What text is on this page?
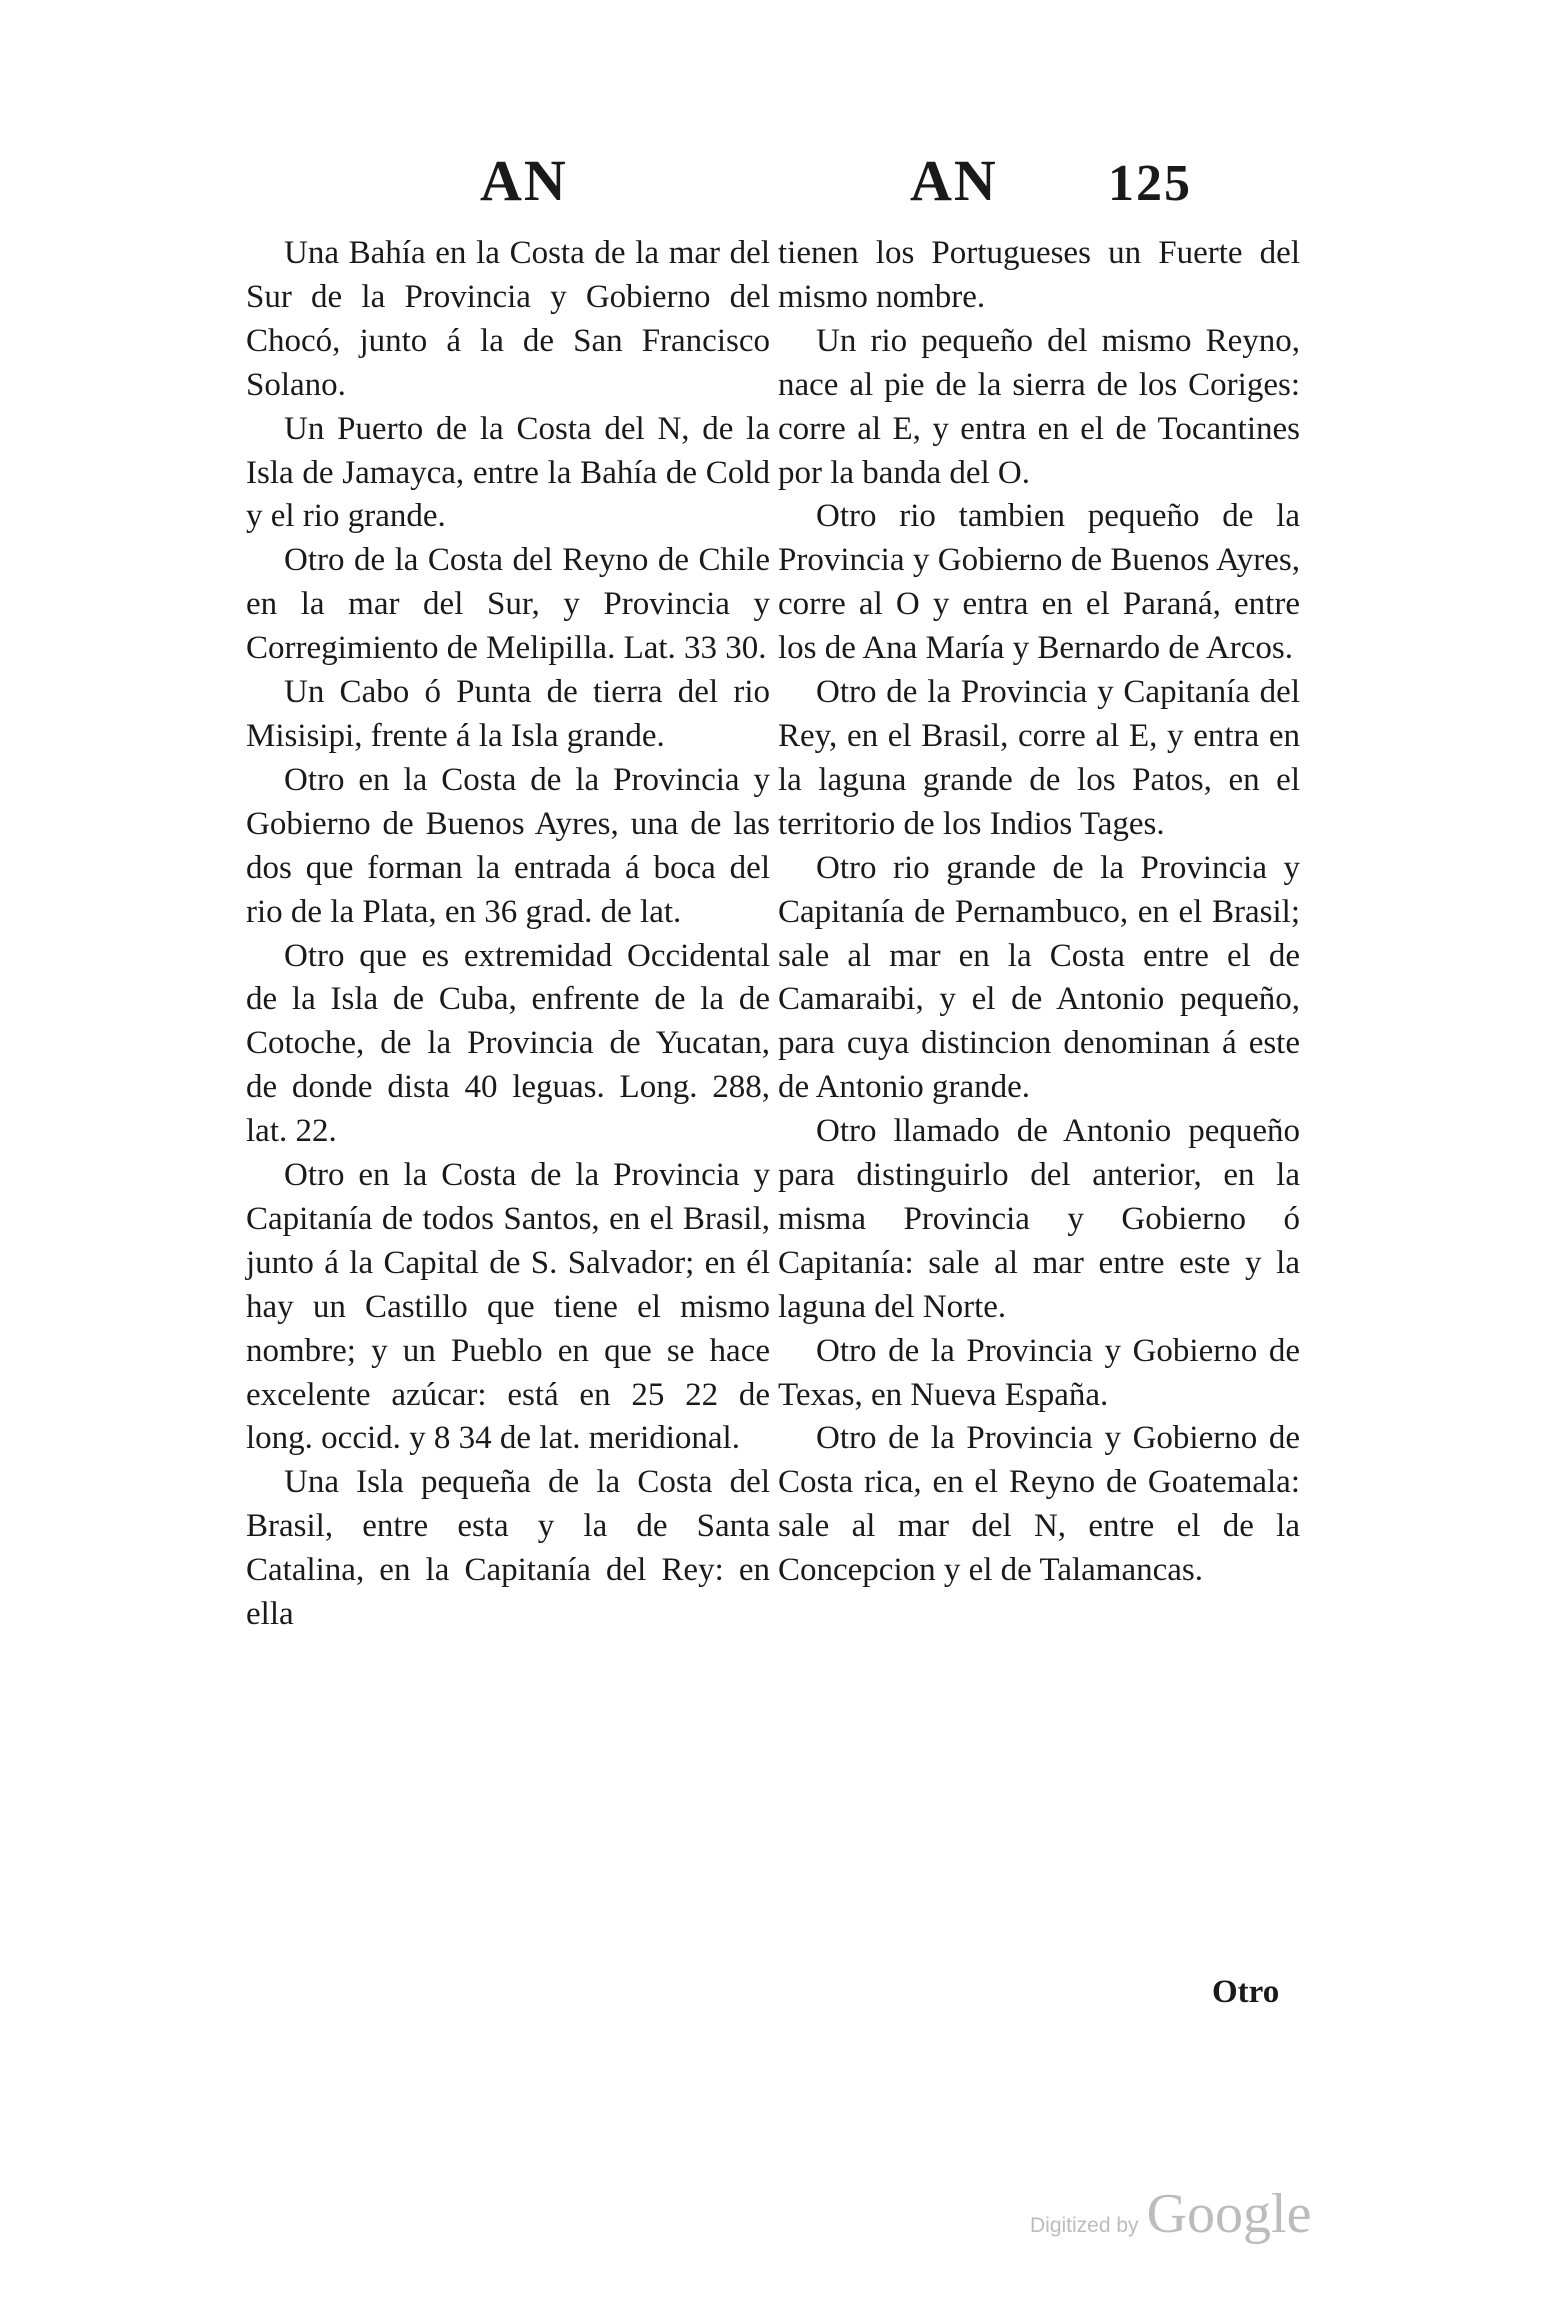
AN	AN 125

Una Bahía en la Costa de la mar del Sur de la Provincia y Gobierno del Chocó, junto á la de San Francisco Solano.

Un Puerto de la Costa del N, de la Isla de Jamayca, entre la Bahía de Cold y el rio grande.

Otro de la Costa del Reyno de Chile en la mar del Sur, y Provincia y Corregimiento de Melipilla. Lat. 33 30.

Un Cabo ó Punta de tierra del rio Misisipi, frente á la Isla grande.

Otro en la Costa de la Provincia y Gobierno de Buenos Ayres, una de las dos que forman la entrada á boca del rio de la Plata, en 36 grad. de lat.

Otro que es extremidad Occidental de la Isla de Cuba, enfrente de la de Cotoche, de la Provincia de Yucatan, de donde dista 40 leguas. Long. 288, lat. 22.

Otro en la Costa de la Provincia y Capitanía de todos Santos, en el Brasil, junto á la Capital de S. Salvador; en él hay un Castillo que tiene el mismo nombre; y un Pueblo en que se hace excelente azúcar: está en 25 22 de long. occid. y 8 34 de lat. meridional.

Una Isla pequeña de la Costa del Brasil, entre esta y la de Santa Catalina, en la Capitanía del Rey: en ella

tienen los Portugueses un Fuerte del mismo nombre.

Un rio pequeño del mismo Reyno, nace al pie de la sierra de los Coriges: corre al E, y entra en el de Tocantines por la banda del O.

Otro rio tambien pequeño de la Provincia y Gobierno de Buenos Ayres, corre al O y entra en el Paraná, entre los de Ana María y Bernardo de Arcos.

Otro de la Provincia y Capitanía del Rey, en el Brasil, corre al E, y entra en la laguna grande de los Patos, en el territorio de los Indios Tages.

Otro rio grande de la Provincia y Capitanía de Pernambuco, en el Brasil; sale al mar en la Costa entre el de Camaraibi, y el de Antonio pequeño, para cuya distincion denominan á este de Antonio grande.

Otro llamado de Antonio pequeño para distinguirlo del anterior, en la misma Provincia y Gobierno ó Capitanía: sale al mar entre este y la laguna del Norte.

Otro de la Provincia y Gobierno de Texas, en Nueva España.

Otro de la Provincia y Gobierno de Costa rica, en el Reyno de Goatemala: sale al mar del N, entre el de la Concepcion y el de Talamancas.

Otro
Digitized by Google
